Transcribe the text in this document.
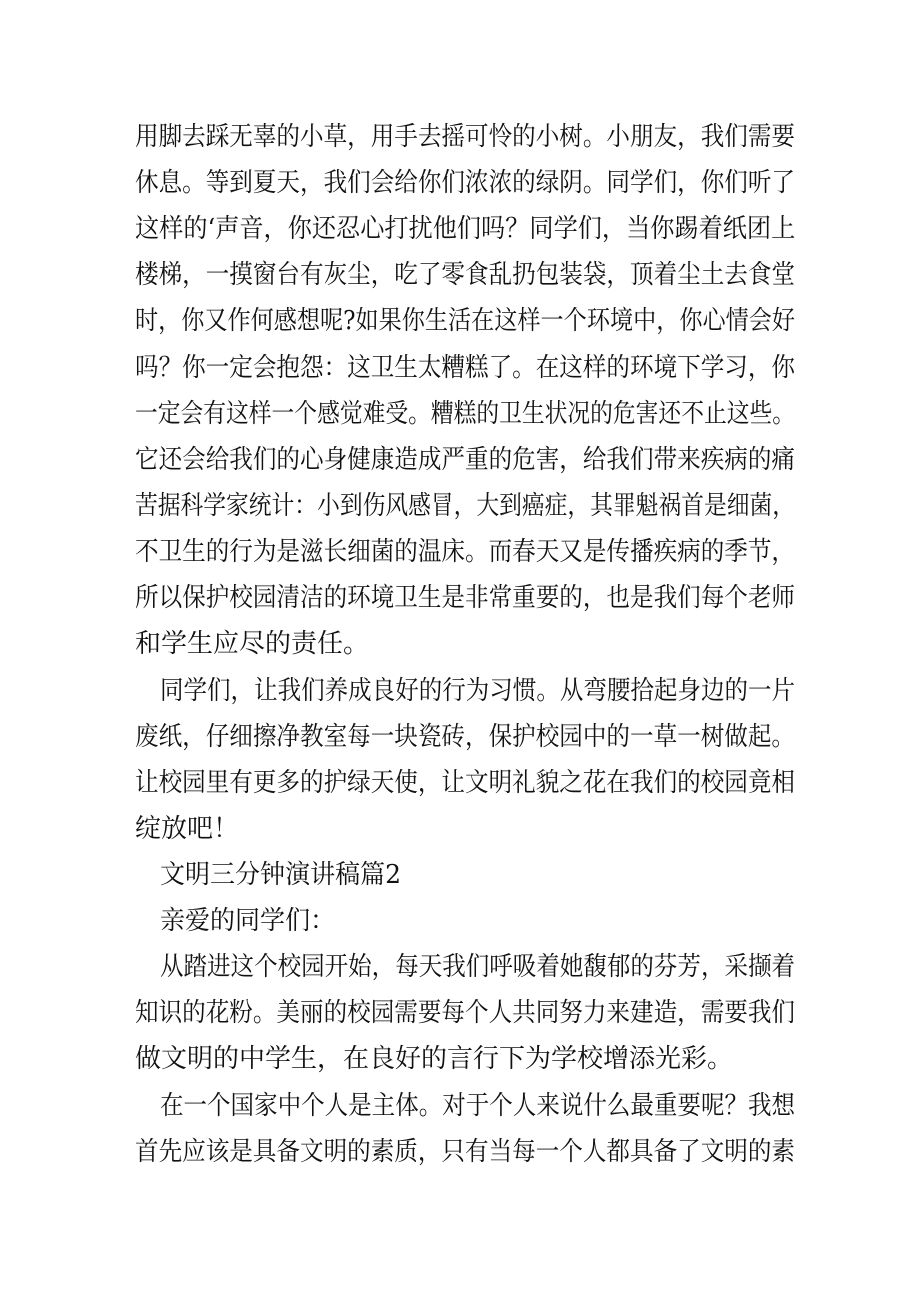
用脚去踩无辜的小草，用手去摇可怜的小树。小朋友，我们需要
休息。等到夏天，我们会给你们浓浓的绿阴。同学们，你们听了
这样的‘声音，你还忍心打扰他们吗？同学们，当你踢着纸团上
楼梯，一摸窗台有灰尘，吃了零食乱扔包装袋，顶着尘土去食堂
时，你又作何感想呢?如果你生活在这样一个环境中，你心情会好
吗？你一定会抱怨：这卫生太糟糕了。在这样的环境下学习，你
一定会有这样一个感觉难受。糟糕的卫生状况的危害还不止这些。
它还会给我们的心身健康造成严重的危害，给我们带来疾病的痛
苦据科学家统计：小到伤风感冒，大到癌症，其罪魁祸首是细菌，
不卫生的行为是滋长细菌的温床。而春天又是传播疾病的季节，
所以保护校园清洁的环境卫生是非常重要的，也是我们每个老师
和学生应尽的责任。
同学们，让我们养成良好的行为习惯。从弯腰拾起身边的一片
废纸，仔细擦净教室每一块瓷砖，保护校园中的一草一树做起。
让校园里有更多的护绿天使，让文明礼貌之花在我们的校园竟相
绽放吧！
文明三分钟演讲稿篇2
亲爱的同学们：
从踏进这个校园开始，每天我们呼吸着她馥郁的芬芳，采撷着
知识的花粉。美丽的校园需要每个人共同努力来建造，需要我们
做文明的中学生，在良好的言行下为学校增添光彩。
在一个国家中个人是主体。对于个人来说什么最重要呢？我想
首先应该是具备文明的素质，只有当每一个人都具备了文明的素
